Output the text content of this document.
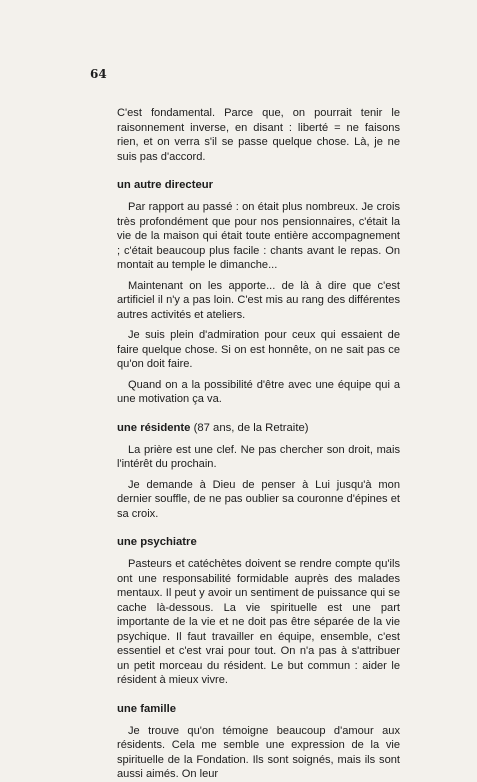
64

C'est fondamental. Parce que, on pourrait tenir le raisonnement inverse, en disant : liberté = ne faisons rien, et on verra s'il se passe quelque chose. Là, je ne suis pas d'accord.

un autre directeur

Par rapport au passé : on était plus nombreux. Je crois très profondément que pour nos pensionnaires, c'était la vie de la maison qui était toute entière accompagnement ; c'était beaucoup plus facile : chants avant le repas. On montait au temple le dimanche...

Maintenant on les apporte... de là à dire que c'est artificiel il n'y a pas loin. C'est mis au rang des différentes autres activités et ateliers.

Je suis plein d'admiration pour ceux qui essaient de faire quelque chose. Si on est honnête, on ne sait pas ce qu'on doit faire.

Quand on a la possibilité d'être avec une équipe qui a une motivation ça va.

une résidente (87 ans, de la Retraite)

La prière est une clef. Ne pas chercher son droit, mais l'intérêt du prochain.

Je demande à Dieu de penser à Lui jusqu'à mon dernier souffle, de ne pas oublier sa couronne d'épines et sa croix.

une psychiatre

Pasteurs et catéchètes doivent se rendre compte qu'ils ont une responsabilité formidable auprès des malades mentaux. Il peut y avoir un sentiment de puissance qui se cache là-dessous. La vie spirituelle est une part importante de la vie et ne doit pas être séparée de la vie psychique. Il faut travailler en équipe, ensemble, c'est essentiel et c'est vrai pour tout. On n'a pas à s'attribuer un petit morceau du résident. Le but commun : aider le résident à mieux vivre.

une famille

Je trouve qu'on témoigne beaucoup d'amour aux résidents. Cela me semble une expression de la vie spirituelle de la Fondation. Ils sont soignés, mais ils sont aussi aimés. On leur
